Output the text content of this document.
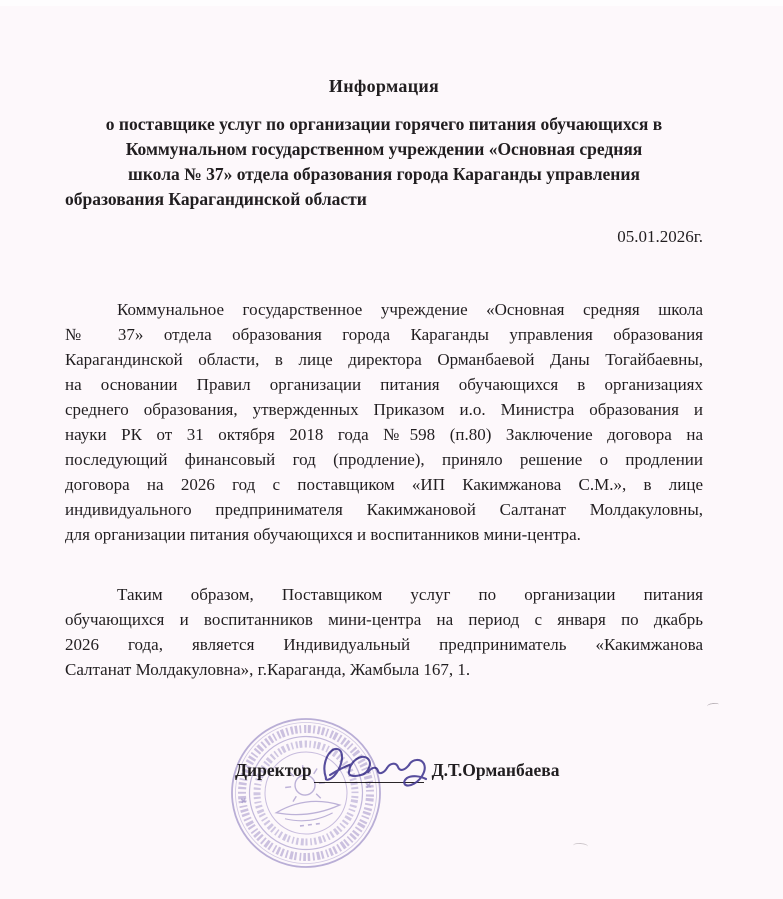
Информация
о поставщике услуг по организации горячего питания обучающихся в
Коммунальном государственном учреждении «Основная средняя
школа № 37» отдела образования города Караганды управления
образования Карагандинской области
05.01.2026г.
Коммунальное государственное учреждение «Основная средняя школа
№ 37» отдела образования города Караганды управления образования
Карагандинской области, в лице директора Орманбаевой Даны Тогайбаевны,
на основании Правил организации питания обучающихся в организациях
среднего образования, утвержденных Приказом и.о. Министра образования и
науки РК от 31 октября 2018 года №598 (п.80) Заключение договора на
последующий финансовый год (продление), приняло решение о продлении
договора на 2026 год с поставщиком «ИП Какимжанова С.М.», в лице
индивидуального предпринимателя Какимжановой Салтанат Молдакуловны,
для организации питания обучающихся и воспитанников мини-центра.
Таким образом, Поставщиком услуг по организации питания
обучающихся и воспитанников мини-центра на период с января по дкабрь
2026 года, является Индивидуальный предприниматель «Какимжанова
Салтанат Молдакуловна», г.Караганда, Жамбыла 167, 1.
Директор	Д.Т.Орманбаева
